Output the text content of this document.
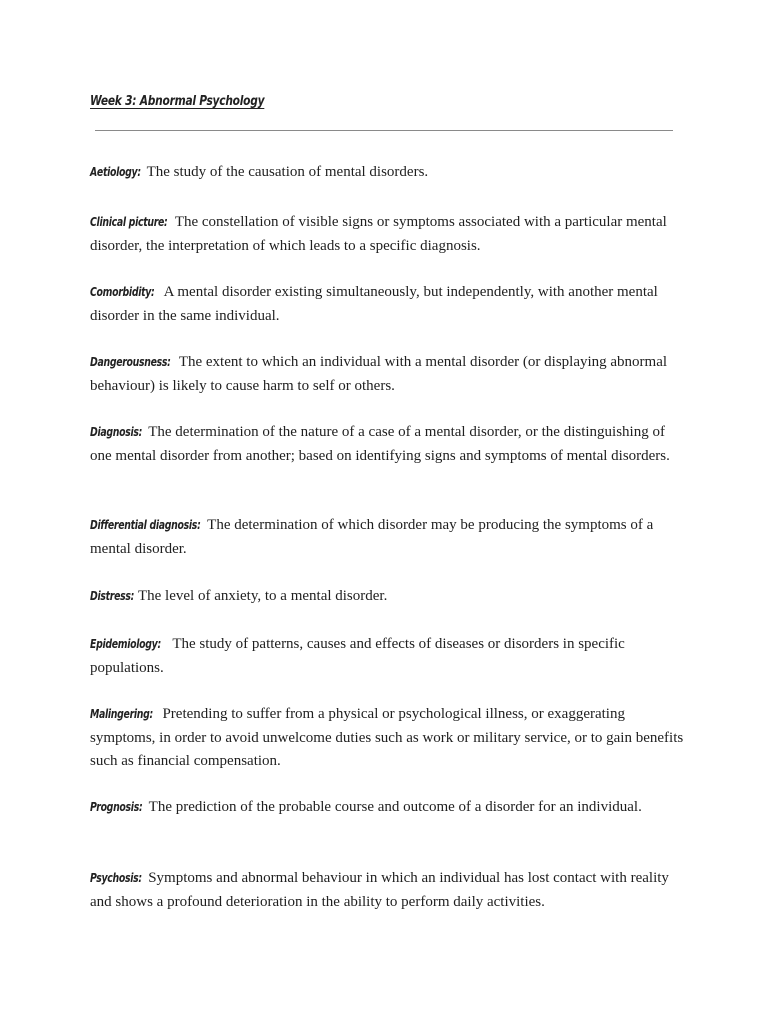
Week 3: Abnormal Psychology
Aetiology: The study of the causation of mental disorders.
Clinical picture: The constellation of visible signs or symptoms associated with a particular mental disorder, the interpretation of which leads to a specific diagnosis.
Comorbidity: A mental disorder existing simultaneously, but independently, with another mental disorder in the same individual.
Dangerousness: The extent to which an individual with a mental disorder (or displaying abnormal behaviour) is likely to cause harm to self or others.
Diagnosis: The determination of the nature of a case of a mental disorder, or the distinguishing of one mental disorder from another; based on identifying signs and symptoms of mental disorders.
Differential diagnosis: The determination of which disorder may be producing the symptoms of a mental disorder.
Distress: The level of anxiety, to a mental disorder.
Epidemiology: The study of patterns, causes and effects of diseases or disorders in specific populations.
Malingering: Pretending to suffer from a physical or psychological illness, or exaggerating symptoms, in order to avoid unwelcome duties such as work or military service, or to gain benefits such as financial compensation.
Prognosis: The prediction of the probable course and outcome of a disorder for an individual.
Psychosis: Symptoms and abnormal behaviour in which an individual has lost contact with reality and shows a profound deterioration in the ability to perform daily activities.
